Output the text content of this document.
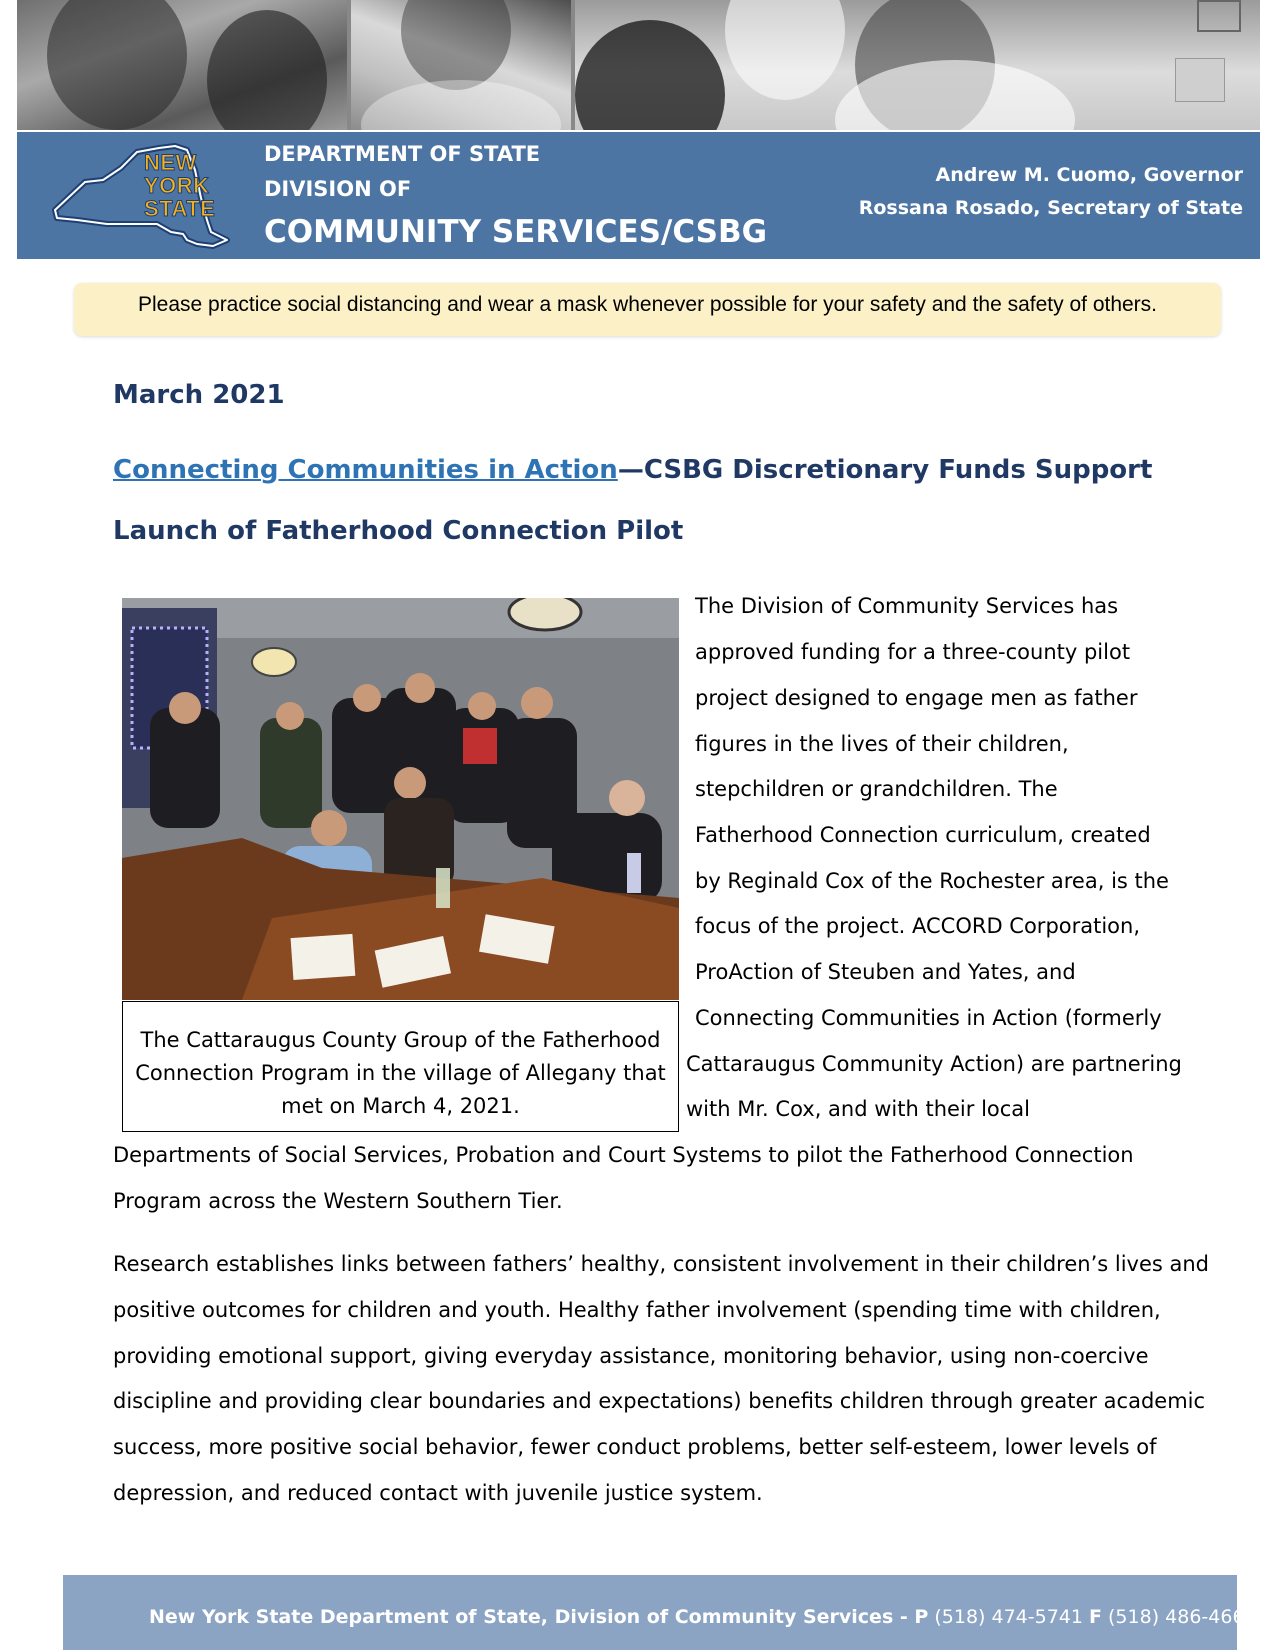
NEW
YORK
STATE
DEPARTMENT OF STATE
DIVISION OF
COMMUNITY SERVICES/CSBG
Andrew M. Cuomo, Governor
Rossana Rosado, Secretary of State
Please practice social distancing and wear a mask whenever possible for your safety and the safety of others.
March 2021
Connecting Communities in Action—CSBG Discretionary Funds Support
Launch of Fatherhood Connection Pilot
The Cattaraugus County Group of the Fatherhood
Connection Program in the village of Allegany that
met on March 4, 2021.
The Division of Community Services has
approved funding for a three-county pilot
project designed to engage men as father
figures in the lives of their children,
stepchildren or grandchildren. The
Fatherhood Connection curriculum, created
by Reginald Cox of the Rochester area, is the
focus of the project. ACCORD Corporation,
ProAction of Steuben and Yates, and
Connecting Communities in Action (formerly
Cattaraugus Community Action) are partnering
with Mr. Cox, and with their local
Departments of Social Services, Probation and Court Systems to pilot the Fatherhood Connection
Program across the Western Southern Tier.
Research establishes links between fathers’ healthy, consistent involvement in their children’s lives and
positive outcomes for children and youth. Healthy father involvement (spending time with children,
providing emotional support, giving everyday assistance, monitoring behavior, using non-coercive
discipline and providing clear boundaries and expectations) benefits children through greater academic
success, more positive social behavior, fewer conduct problems, better self-esteem, lower levels of
depression, and reduced contact with juvenile justice system.
New York State Department of State, Division of Community Services - P (518) 474-5741 F (518) 486-4663
